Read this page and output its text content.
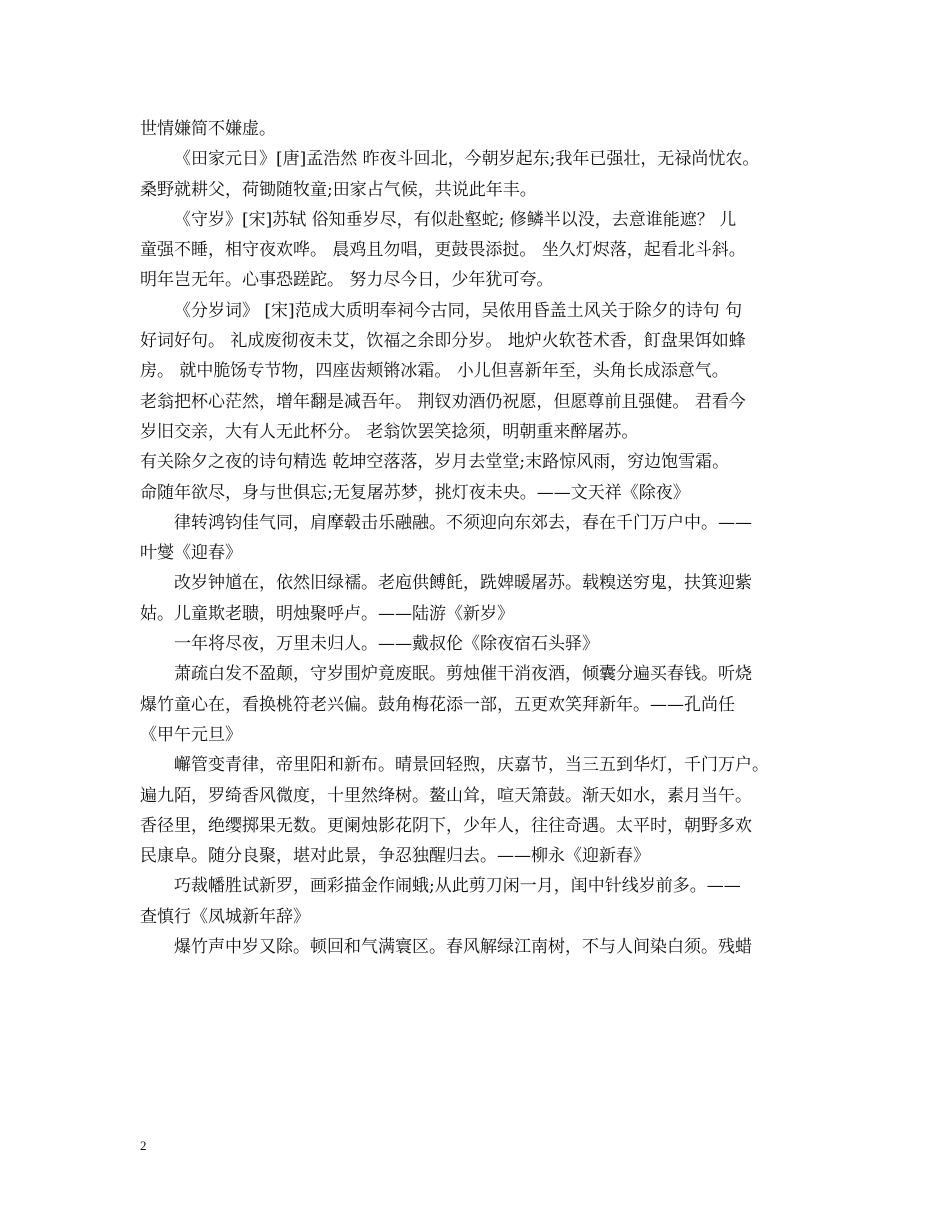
世情嫌简不嫌虚。
《田家元日》[唐]孟浩然 昨夜斗回北，今朝岁起东;我年已强壮，无禄尚忧农。
桑野就耕父，荷锄随牧童;田家占气候，共说此年丰。
《守岁》[宋]苏轼 俗知垂岁尽，有似赴壑蛇; 修鳞半以没，去意谁能遮？ 儿
童强不睡，相守夜欢哗。 晨鸡且勿唱，更鼓畏添挝。 坐久灯烬落，起看北斗斜。
明年岂无年。心事恐蹉跎。 努力尽今日，少年犹可夸。
《分岁词》 [宋]范成大质明奉祠今古同，吴侬用昏盖土风关于除夕的诗句 句
好词好句。 礼成废彻夜未艾，饮福之余即分岁。 地炉火软苍术香，飣盘果饵如蜂
房。 就中脆饧专节物，四座齿颊锵冰霜。 小儿但喜新年至，头角长成添意气。
老翁把杯心茫然，增年翻是减吾年。 荆钗劝酒仍祝愿，但愿尊前且强健。 君看今
岁旧交亲，大有人无此杯分。 老翁饮罢笑捻须，明朝重来醉屠苏。
有关除夕之夜的诗句精选 乾坤空落落，岁月去堂堂;末路惊风雨，穷边饱雪霜。
命随年欲尽，身与世俱忘;无复屠苏梦，挑灯夜未央。——文天祥《除夜》
律转鸿钧佳气同，肩摩毂击乐融融。不须迎向东郊去，春在千门万户中。——
叶燮《迎春》
改岁钟馗在，依然旧绿襦。老庖供餺飥，跣婢暖屠苏。载糗送穷鬼，扶箕迎紫
姑。儿童欺老聩，明烛聚呼卢。——陆游《新岁》
一年将尽夜，万里未归人。——戴叔伦《除夜宿石头驿》
萧疏白发不盈颠，守岁围炉竟废眠。剪烛催干消夜酒，倾囊分遍买春钱。听烧
爆竹童心在，看换桃符老兴偏。鼓角梅花添一部，五更欢笑拜新年。——孔尚任
《甲午元旦》
嶰管变青律，帝里阳和新布。晴景回轻煦，庆嘉节，当三五到华灯，千门万户。
遍九陌，罗绮香风微度，十里然绛树。鳌山耸，喧天箫鼓。渐天如水，素月当午。
香径里，绝缨掷果无数。更阑烛影花阴下，少年人，往往奇遇。太平时，朝野多欢
民康阜。随分良聚，堪对此景，争忍独醒归去。——柳永《迎新春》
巧裁幡胜试新罗，画彩描金作闹蛾;从此剪刀闲一月，闺中针线岁前多。——
查慎行《凤城新年辞》
爆竹声中岁又除。顿回和气满寰区。春风解绿江南树，不与人间染白须。残蜡
2
